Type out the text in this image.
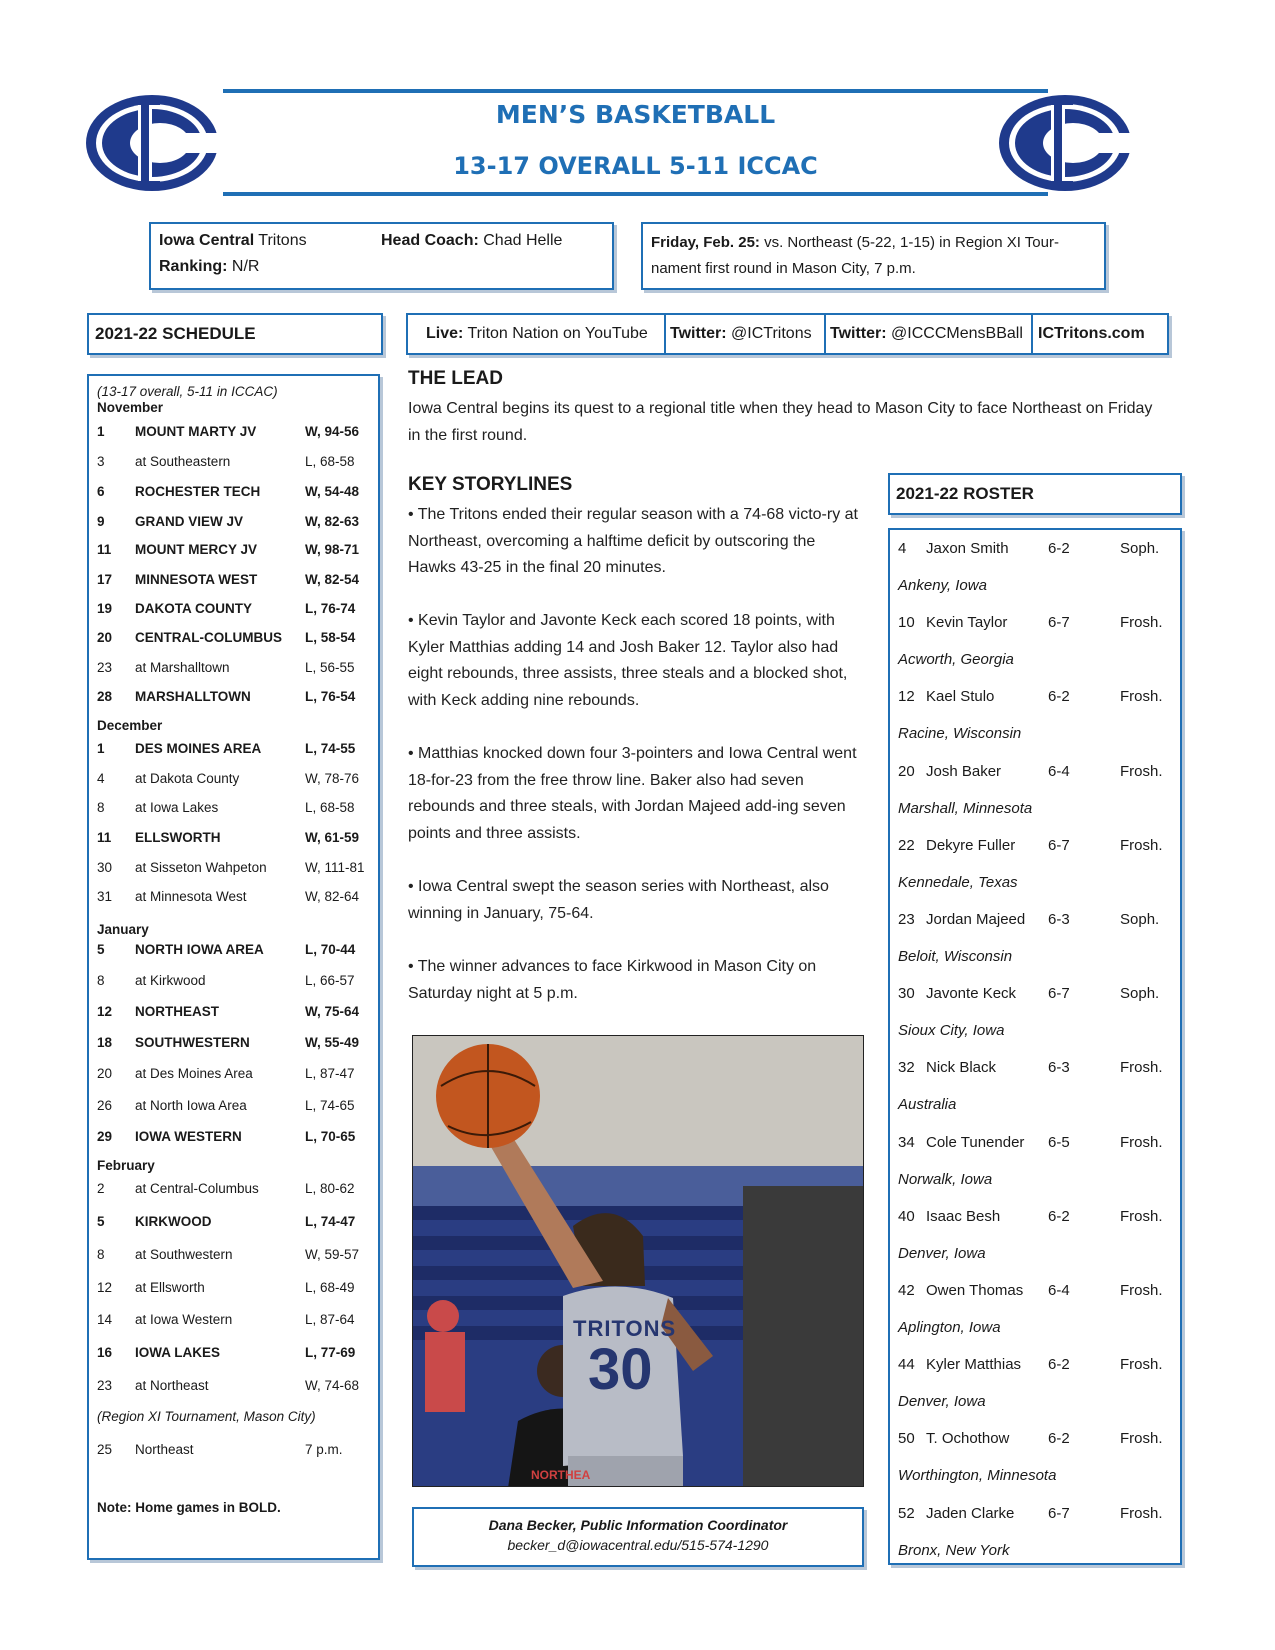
MEN’S BASKETBALL
13-17 OVERALL 5-11 ICCAC
Iowa Central Tritons	Head Coach: Chad Helle
Ranking: N/R
Friday, Feb. 25: vs. Northeast (5-22, 1-15) in Region XI Tour-
nament first round in Mason City, 7 p.m.
2021-22 SCHEDULE	Live: Triton Nation on YouTube	Twitter: @ICTritons	Twitter: @ICCCMensBBall ICTritons.com
(13-17 overall, 5-11 in ICCAC)
November
1 MOUNT MARTY JV	W, 94-56
3 at Southeastern	L, 68-58
6 ROCHESTER TECH	W, 54-48
9 GRAND VIEW JV	W, 82-63
11 MOUNT MERCY JV	W, 98-71
17 MINNESOTA WEST	W, 82-54
19 DAKOTA COUNTY	L, 76-74
20 CENTRAL-COLUMBUS L, 58-54
23 at Marshalltown	L, 56-55
28 MARSHALLTOWN	L, 76-54
December
1 DES MOINES AREA	L, 74-55
4 at Dakota County	W, 78-76
8 at Iowa Lakes	L, 68-58
11 ELLSWORTH	W, 61-59
30 at Sisseton Wahpeton	W, 111-81
31 at Minnesota West	W, 82-64
January
5 NORTH IOWA AREA	L, 70-44
8 at Kirkwood	L, 66-57
12 NORTHEAST	W, 75-64
18 SOUTHWESTERN	W, 55-49
20 at Des Moines Area	L, 87-47
26 at North Iowa Area	L, 74-65
29 IOWA WESTERN	L, 70-65
February
2 at Central-Columbus	L, 80-62
5 KIRKWOOD	L, 74-47
8 at Southwestern	W, 59-57
12 at Ellsworth	L, 68-49
14 at Iowa Western	L, 87-64
16 IOWA LAKES	L, 77-69
23 at Northeast	W, 74-68
(Region XI Tournament, Mason City)
25 Northeast	7 p.m.
Note: Home games in BOLD.
THE LEAD
Iowa Central begins its quest to a regional title when they head to Mason City to face Northeast on Friday in the first round.
KEY STORYLINES
• The Tritons ended their regular season with a 74-68 victo-ry at Northeast, overcoming a halftime deficit by outscoring the Hawks 43-25 in the final 20 minutes.
• Kevin Taylor and Javonte Keck each scored 18 points, with Kyler Matthias adding 14 and Josh Baker 12. Taylor also had eight rebounds, three assists, three steals and a blocked shot, with Keck adding nine rebounds.
• Matthias knocked down four 3-pointers and Iowa Central went 18-for-23 from the free throw line. Baker also had seven rebounds and three steals, with Jordan Majeed add-ing seven points and three assists.
• Iowa Central swept the season series with Northeast, also winning in January, 75-64.
• The winner advances to face Kirkwood in Mason City on Saturday night at 5 p.m.
TRITONS
30
NORTHEA
Dana Becker, Public Information Coordinator
becker_d@iowacentral.edu/515-574-1290
2021-22 ROSTER
4 Jaxon Smith	6-2	Soph.
Ankeny, Iowa
10 Kevin Taylor	6-7	Frosh.
Acworth, Georgia
12 Kael Stulo	6-2	Frosh.
Racine, Wisconsin
20 Josh Baker	6-4	Frosh.
Marshall, Minnesota
22 Dekyre Fuller 6-7	Frosh.
Kennedale, Texas
23 Jordan Majeed 6-3	Soph.
Beloit, Wisconsin
30 Javonte Keck 6-7	Soph.
Sioux City, Iowa
32 Nick Black	6-3	Frosh.
Australia
34 Cole Tunender 6-5	Frosh.
Norwalk, Iowa
40 Isaac Besh	6-2	Frosh.
Denver, Iowa
42 Owen Thomas 6-4	Frosh.
Aplington, Iowa
44 Kyler Matthias 6-2	Frosh.
Denver, Iowa
50 T. Ochothow	6-2	Frosh.
Worthington, Minnesota
52 Jaden Clarke 6-7	Frosh.
Bronx, New York
